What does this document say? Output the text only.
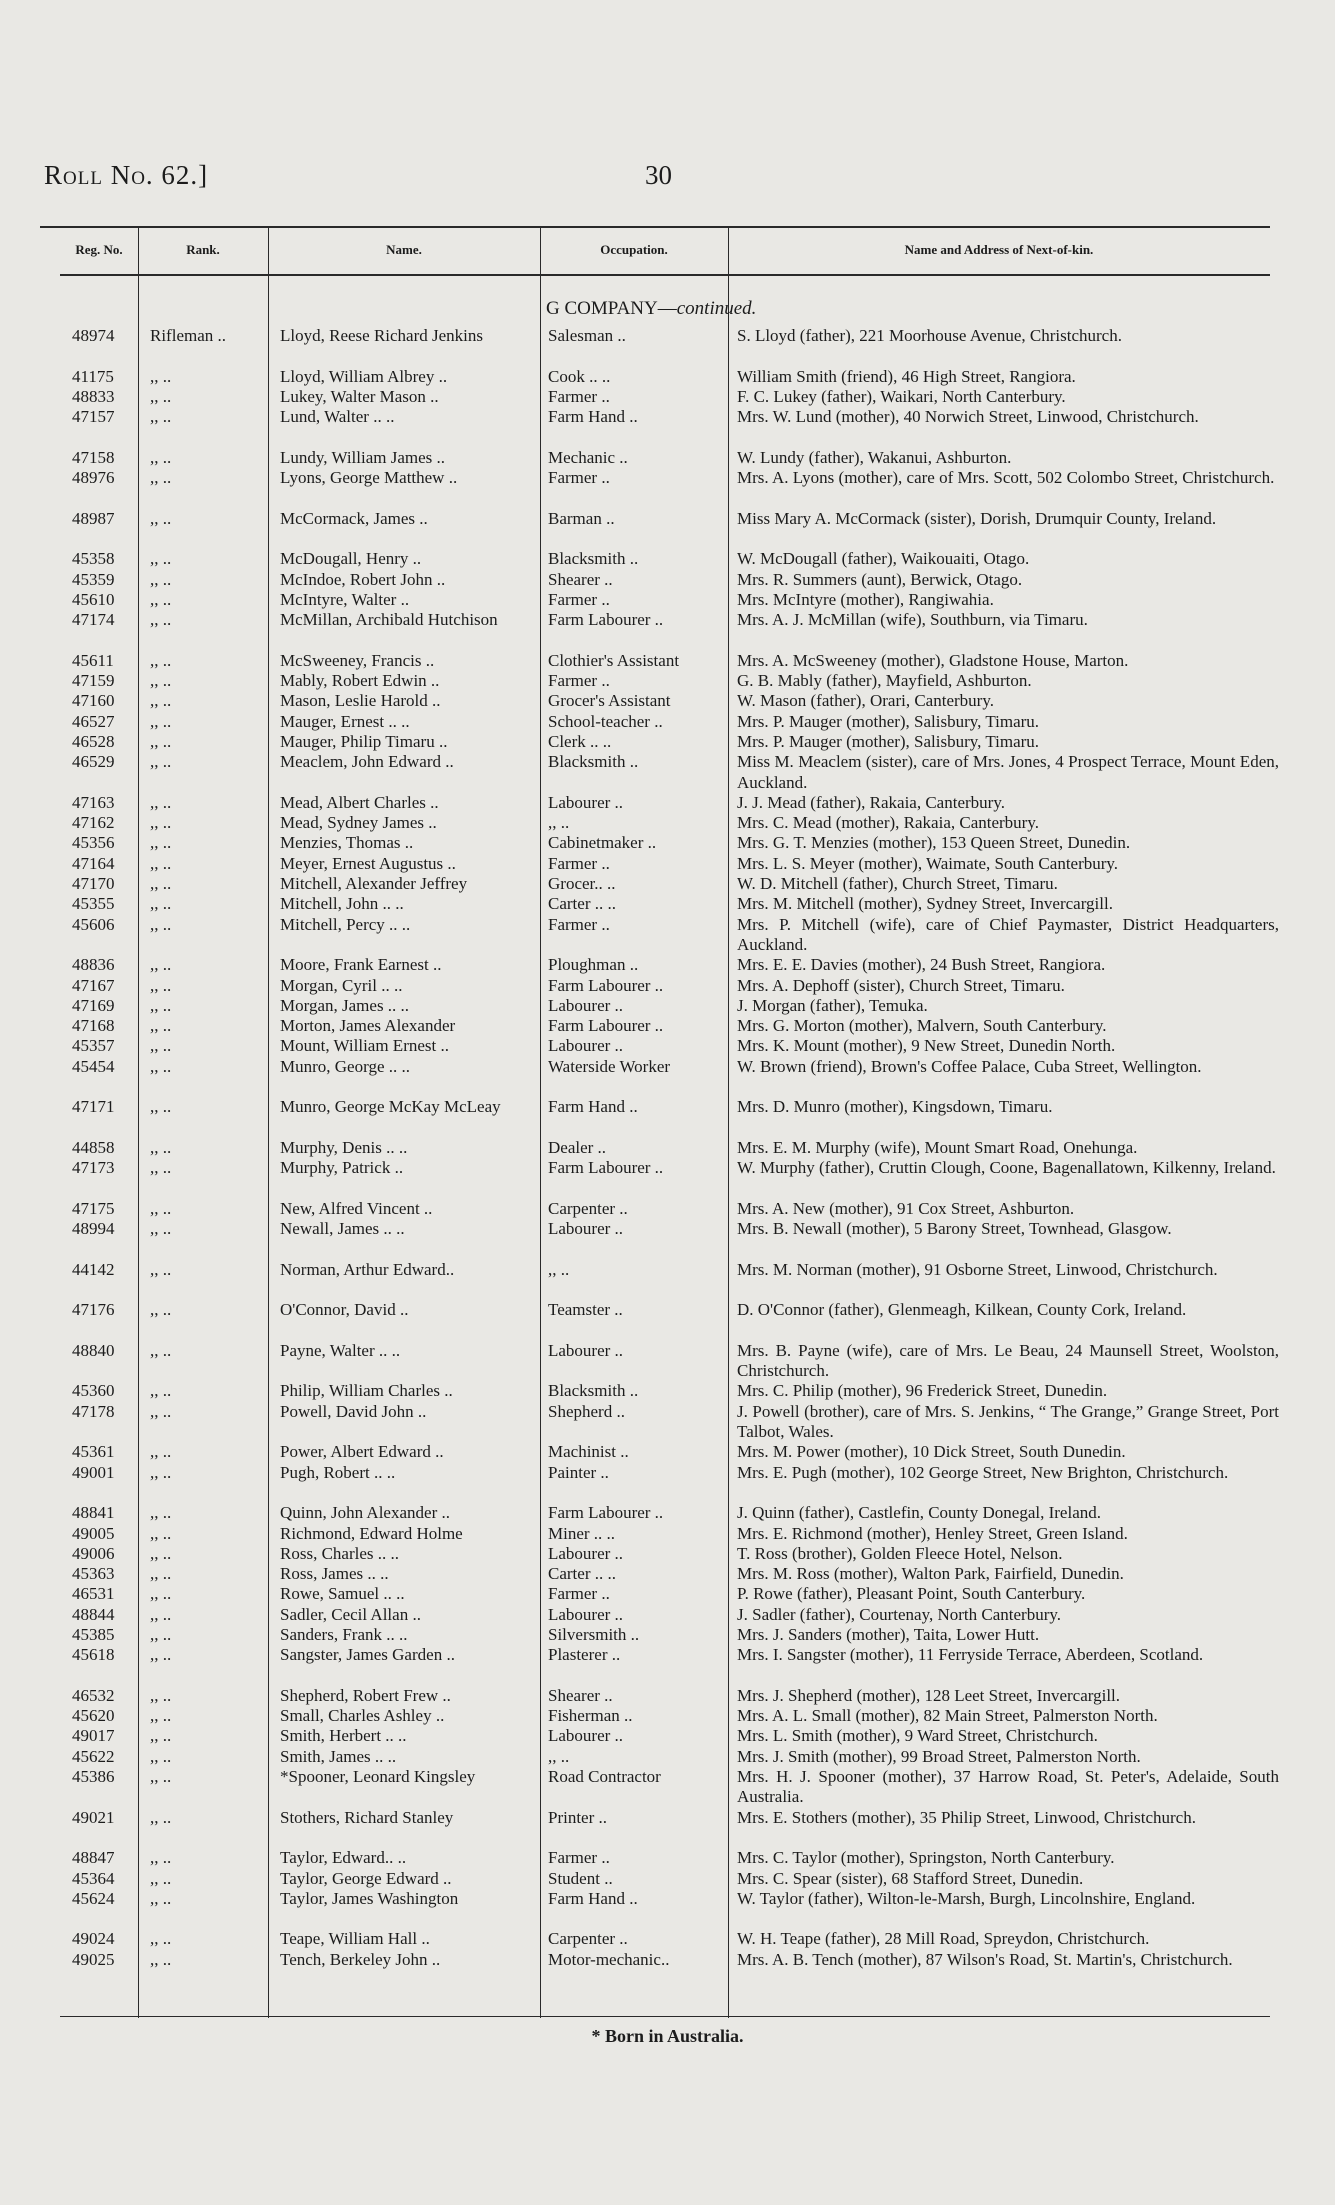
Roll No. 62.]	30
Reg. No.	Rank.	Name.	Occupation.	Name and Address of Next-of-kin.
G COMPANY—continued.
48974	Rifleman ..	Lloyd, Reese Richard Jenkins	Salesman ..	S. Lloyd (father), 221 Moorhouse Avenue, Christchurch.
41175	,, ..	Lloyd, William Albrey ..	Cook .. ..	William Smith (friend), 46 High Street, Rangiora.
48833	,, ..	Lukey, Walter Mason ..	Farmer ..	F. C. Lukey (father), Waikari, North Canterbury.
47157	,, ..	Lund, Walter .. ..	Farm Hand ..	Mrs. W. Lund (mother), 40 Norwich Street, Linwood, Christchurch.
47158	,, ..	Lundy, William James ..	Mechanic ..	W. Lundy (father), Wakanui, Ashburton.
48976	,, ..	Lyons, George Matthew ..	Farmer ..	Mrs. A. Lyons (mother), care of Mrs. Scott, 502 Colombo Street, Christchurch.
48987	,, ..	McCormack, James ..	Barman ..	Miss Mary A. McCormack (sister), Dorish, Drumquir County, Ireland.
45358	,, ..	McDougall, Henry ..	Blacksmith ..	W. McDougall (father), Waikouaiti, Otago.
45359	,, ..	McIndoe, Robert John ..	Shearer ..	Mrs. R. Summers (aunt), Berwick, Otago.
45610	,, ..	McIntyre, Walter ..	Farmer ..	Mrs. McIntyre (mother), Rangiwahia.
47174	,, ..	McMillan, Archibald Hutchison	Farm Labourer ..	Mrs. A. J. McMillan (wife), Southburn, via Timaru.
45611	,, ..	McSweeney, Francis ..	Clothier's Assistant	Mrs. A. McSweeney (mother), Gladstone House, Marton.
47159	,, ..	Mably, Robert Edwin ..	Farmer ..	G. B. Mably (father), Mayfield, Ashburton.
47160	,, ..	Mason, Leslie Harold ..	Grocer's Assistant	W. Mason (father), Orari, Canterbury.
46527	,, ..	Mauger, Ernest .. ..	School-teacher ..	Mrs. P. Mauger (mother), Salisbury, Timaru.
46528	,, ..	Mauger, Philip Timaru ..	Clerk .. ..	Mrs. P. Mauger (mother), Salisbury, Timaru.
46529	,, ..	Meaclem, John Edward ..	Blacksmith ..	Miss M. Meaclem (sister), care of Mrs. Jones, 4 Prospect Terrace, Mount Eden, Auckland.
47163	,, ..	Mead, Albert Charles ..	Labourer ..	J. J. Mead (father), Rakaia, Canterbury.
47162	,, ..	Mead, Sydney James ..	,, ..	Mrs. C. Mead (mother), Rakaia, Canterbury.
45356	,, ..	Menzies, Thomas ..	Cabinetmaker ..	Mrs. G. T. Menzies (mother), 153 Queen Street, Dunedin.
47164	,, ..	Meyer, Ernest Augustus ..	Farmer ..	Mrs. L. S. Meyer (mother), Waimate, South Canterbury.
47170	,, ..	Mitchell, Alexander Jeffrey	Grocer.. ..	W. D. Mitchell (father), Church Street, Timaru.
45355	,, ..	Mitchell, John .. ..	Carter .. ..	Mrs. M. Mitchell (mother), Sydney Street, Invercargill.
45606	,, ..	Mitchell, Percy .. ..	Farmer ..	Mrs. P. Mitchell (wife), care of Chief Paymaster, District Headquarters, Auckland.
48836	,, ..	Moore, Frank Earnest ..	Ploughman ..	Mrs. E. E. Davies (mother), 24 Bush Street, Rangiora.
47167	,, ..	Morgan, Cyril .. ..	Farm Labourer ..	Mrs. A. Dephoff (sister), Church Street, Timaru.
47169	,, ..	Morgan, James .. ..	Labourer ..	J. Morgan (father), Temuka.
47168	,, ..	Morton, James Alexander	Farm Labourer ..	Mrs. G. Morton (mother), Malvern, South Canterbury.
45357	,, ..	Mount, William Ernest ..	Labourer ..	Mrs. K. Mount (mother), 9 New Street, Dunedin North.
45454	,, ..	Munro, George .. ..	Waterside Worker	W. Brown (friend), Brown's Coffee Palace, Cuba Street, Wellington.
47171	,, ..	Munro, George McKay McLeay	Farm Hand ..	Mrs. D. Munro (mother), Kingsdown, Timaru.
44858	,, ..	Murphy, Denis .. ..	Dealer ..	Mrs. E. M. Murphy (wife), Mount Smart Road, Onehunga.
47173	,, ..	Murphy, Patrick ..	Farm Labourer ..	W. Murphy (father), Cruttin Clough, Coone, Bagenallatown, Kilkenny, Ireland.
47175	,, ..	New, Alfred Vincent ..	Carpenter ..	Mrs. A. New (mother), 91 Cox Street, Ashburton.
48994	,, ..	Newall, James .. ..	Labourer ..	Mrs. B. Newall (mother), 5 Barony Street, Townhead, Glasgow.
44142	,, ..	Norman, Arthur Edward..	,, ..	Mrs. M. Norman (mother), 91 Osborne Street, Linwood, Christchurch.
47176	,, ..	O'Connor, David ..	Teamster ..	D. O'Connor (father), Glenmeagh, Kilkean, County Cork, Ireland.
48840	,, ..	Payne, Walter .. ..	Labourer ..	Mrs. B. Payne (wife), care of Mrs. Le Beau, 24 Maunsell Street, Woolston, Christchurch.
45360	,, ..	Philip, William Charles ..	Blacksmith ..	Mrs. C. Philip (mother), 96 Frederick Street, Dunedin.
47178	,, ..	Powell, David John ..	Shepherd ..	J. Powell (brother), care of Mrs. S. Jenkins, “ The Grange,” Grange Street, Port Talbot, Wales.
45361	,, ..	Power, Albert Edward ..	Machinist ..	Mrs. M. Power (mother), 10 Dick Street, South Dunedin.
49001	,, ..	Pugh, Robert .. ..	Painter ..	Mrs. E. Pugh (mother), 102 George Street, New Brighton, Christchurch.
48841	,, ..	Quinn, John Alexander ..	Farm Labourer ..	J. Quinn (father), Castlefin, County Donegal, Ireland.
49005	,, ..	Richmond, Edward Holme	Miner .. ..	Mrs. E. Richmond (mother), Henley Street, Green Island.
49006	,, ..	Ross, Charles .. ..	Labourer ..	T. Ross (brother), Golden Fleece Hotel, Nelson.
45363	,, ..	Ross, James .. ..	Carter .. ..	Mrs. M. Ross (mother), Walton Park, Fairfield, Dunedin.
46531	,, ..	Rowe, Samuel .. ..	Farmer ..	P. Rowe (father), Pleasant Point, South Canterbury.
48844	,, ..	Sadler, Cecil Allan ..	Labourer ..	J. Sadler (father), Courtenay, North Canterbury.
45385	,, ..	Sanders, Frank .. ..	Silversmith ..	Mrs. J. Sanders (mother), Taita, Lower Hutt.
45618	,, ..	Sangster, James Garden ..	Plasterer ..	Mrs. I. Sangster (mother), 11 Ferryside Terrace, Aberdeen, Scotland.
46532	,, ..	Shepherd, Robert Frew ..	Shearer ..	Mrs. J. Shepherd (mother), 128 Leet Street, Invercargill.
45620	,, ..	Small, Charles Ashley ..	Fisherman ..	Mrs. A. L. Small (mother), 82 Main Street, Palmerston North.
49017	,, ..	Smith, Herbert .. ..	Labourer ..	Mrs. L. Smith (mother), 9 Ward Street, Christchurch.
45622	,, ..	Smith, James .. ..	,, ..	Mrs. J. Smith (mother), 99 Broad Street, Palmerston North.
45386	,, ..	*Spooner, Leonard Kingsley	Road Contractor	Mrs. H. J. Spooner (mother), 37 Harrow Road, St. Peter's, Adelaide, South Australia.
49021	,, ..	Stothers, Richard Stanley	Printer ..	Mrs. E. Stothers (mother), 35 Philip Street, Linwood, Christchurch.
48847	,, ..	Taylor, Edward.. ..	Farmer ..	Mrs. C. Taylor (mother), Springston, North Canterbury.
45364	,, ..	Taylor, George Edward ..	Student ..	Mrs. C. Spear (sister), 68 Stafford Street, Dunedin.
45624	,, ..	Taylor, James Washington	Farm Hand ..	W. Taylor (father), Wilton-le-Marsh, Burgh, Lincolnshire, England.
49024	,, ..	Teape, William Hall ..	Carpenter ..	W. H. Teape (father), 28 Mill Road, Spreydon, Christchurch.
49025	,, ..	Tench, Berkeley John ..	Motor-mechanic..	Mrs. A. B. Tench (mother), 87 Wilson's Road, St. Martin's, Christchurch.
* Born in Australia.
